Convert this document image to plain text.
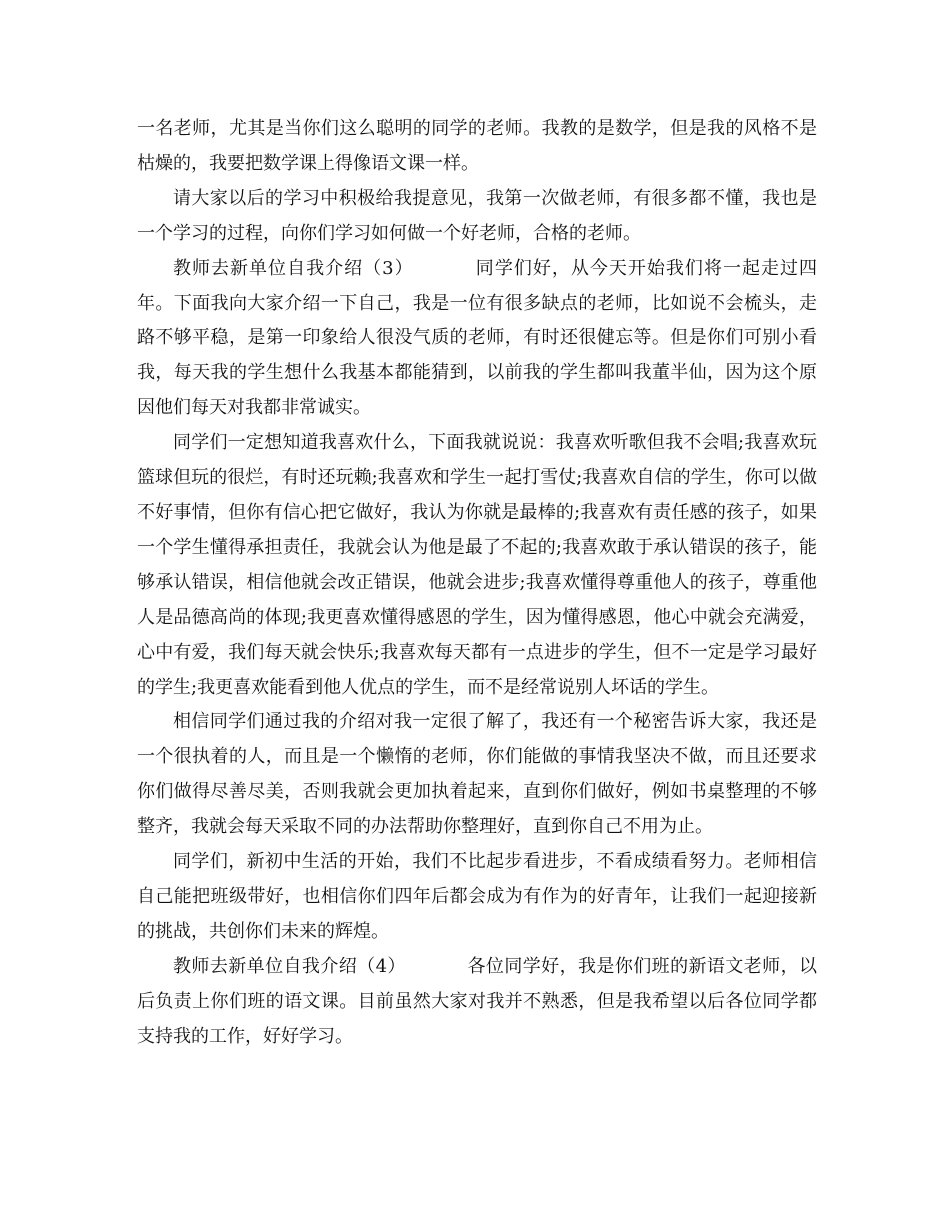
一名老师，尤其是当你们这么聪明的同学的老师。我教的是数学，但是我的风格不是枯燥的，我要把数学课上得像语文课一样。

请大家以后的学习中积极给我提意见，我第一次做老师，有很多都不懂，我也是一个学习的过程，向你们学习如何做一个好老师，合格的老师。

教师去新单位自我介绍（3）	同学们好，从今天开始我们将一起走过四年。下面我向大家介绍一下自己，我是一位有很多缺点的老师，比如说不会梳头，走路不够平稳，是第一印象给人很没气质的老师，有时还很健忘等。但是你们可别小看我，每天我的学生想什么我基本都能猜到，以前我的学生都叫我董半仙，因为这个原因他们每天对我都非常诚实。

同学们一定想知道我喜欢什么，下面我就说说：我喜欢听歌但我不会唱;我喜欢玩篮球但玩的很烂，有时还玩赖;我喜欢和学生一起打雪仗;我喜欢自信的学生，你可以做不好事情，但你有信心把它做好，我认为你就是最棒的;我喜欢有责任感的孩子，如果一个学生懂得承担责任，我就会认为他是最了不起的;我喜欢敢于承认错误的孩子，能够承认错误，相信他就会改正错误，他就会进步;我喜欢懂得尊重他人的孩子，尊重他人是品德高尚的体现;我更喜欢懂得感恩的学生，因为懂得感恩，他心中就会充满爱，心中有爱，我们每天就会快乐;我喜欢每天都有一点进步的学生，但不一定是学习最好的学生;我更喜欢能看到他人优点的学生，而不是经常说别人坏话的学生。

相信同学们通过我的介绍对我一定很了解了，我还有一个秘密告诉大家，我还是一个很执着的人，而且是一个懒惰的老师，你们能做的事情我坚决不做，而且还要求你们做得尽善尽美，否则我就会更加执着起来，直到你们做好，例如书桌整理的不够整齐，我就会每天采取不同的办法帮助你整理好，直到你自己不用为止。

同学们，新初中生活的开始，我们不比起步看进步，不看成绩看努力。老师相信自己能把班级带好，也相信你们四年后都会成为有作为的好青年，让我们一起迎接新的挑战，共创你们未来的辉煌。

教师去新单位自我介绍（4）	各位同学好，我是你们班的新语文老师，以后负责上你们班的语文课。目前虽然大家对我并不熟悉，但是我希望以后各位同学都支持我的工作，好好学习。
